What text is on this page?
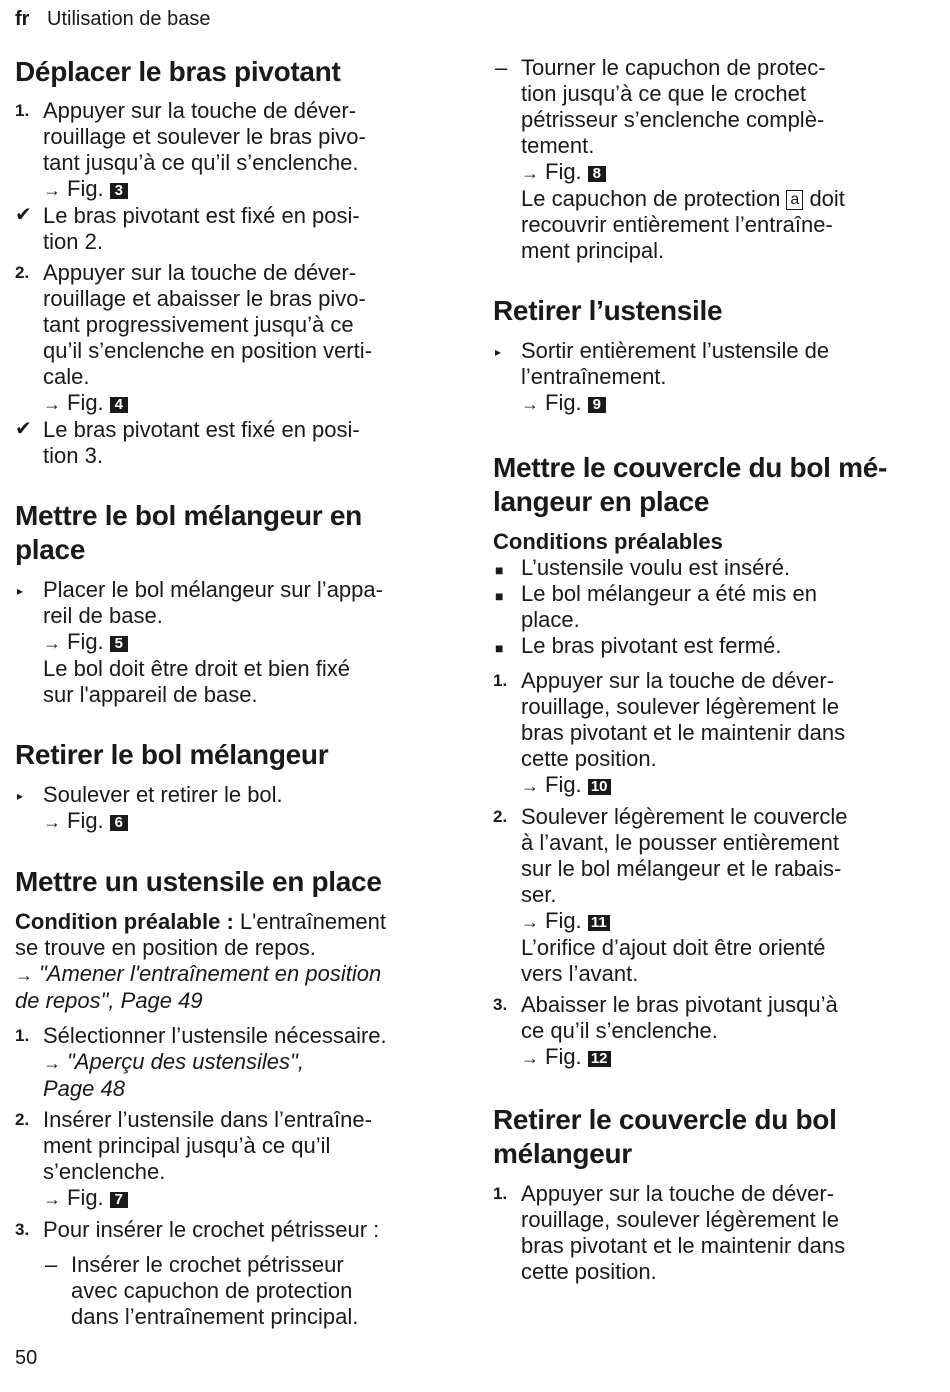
fr Utilisation de base
Déplacer le bras pivotant
1. Appuyer sur la touche de déver-
rouillage et soulever le bras pivo-
tant jusqu’à ce qu’il s’enclenche.
→ Fig. 3
✔ Le bras pivotant est fixé en posi-
tion 2.
2. Appuyer sur la touche de déver-
rouillage et abaisser le bras pivo-
tant progressivement jusqu’à ce
qu’il s’enclenche en position verti-
cale.
→ Fig. 4
✔ Le bras pivotant est fixé en posi-
tion 3.
Mettre le bol mélangeur en
place
▸ Placer le bol mélangeur sur l’appa-
reil de base.
→ Fig. 5
Le bol doit être droit et bien fixé
sur l'appareil de base.
Retirer le bol mélangeur
▸ Soulever et retirer le bol.
→ Fig. 6
Mettre un ustensile en place
Condition préalable : L'entraînement
se trouve en position de repos.
→ "Amener l'entraînement en position
de repos", Page 49
1. Sélectionner l’ustensile nécessaire.
→ "Aperçu des ustensiles",
Page 48
2. Insérer l’ustensile dans l’entraîne-
ment principal jusqu’à ce qu’il
s’enclenche.
→ Fig. 7
3. Pour insérer le crochet pétrisseur :
– Insérer le crochet pétrisseur
avec capuchon de protection
dans l’entraînement principal.
– Tourner le capuchon de protec-
tion jusqu’à ce que le crochet
pétrisseur s’enclenche complè-
tement.
→ Fig. 8
Le capuchon de protection a doit
recouvrir entièrement l’entraîne-
ment principal.
Retirer l’ustensile
▸ Sortir entièrement l’ustensile de
l’entraînement.
→ Fig. 9
Mettre le couvercle du bol mé-
langeur en place
Conditions préalables
■ L’ustensile voulu est inséré.
■ Le bol mélangeur a été mis en
place.
■ Le bras pivotant est fermé.
1. Appuyer sur la touche de déver-
rouillage, soulever légèrement le
bras pivotant et le maintenir dans
cette position.
→ Fig. 10
2. Soulever légèrement le couvercle
à l’avant, le pousser entièrement
sur le bol mélangeur et le rabais-
ser.
→ Fig. 11
L’orifice d’ajout doit être orienté
vers l’avant.
3. Abaisser le bras pivotant jusqu’à
ce qu’il s’enclenche.
→ Fig. 12
Retirer le couvercle du bol
mélangeur
1. Appuyer sur la touche de déver-
rouillage, soulever légèrement le
bras pivotant et le maintenir dans
cette position.
50
